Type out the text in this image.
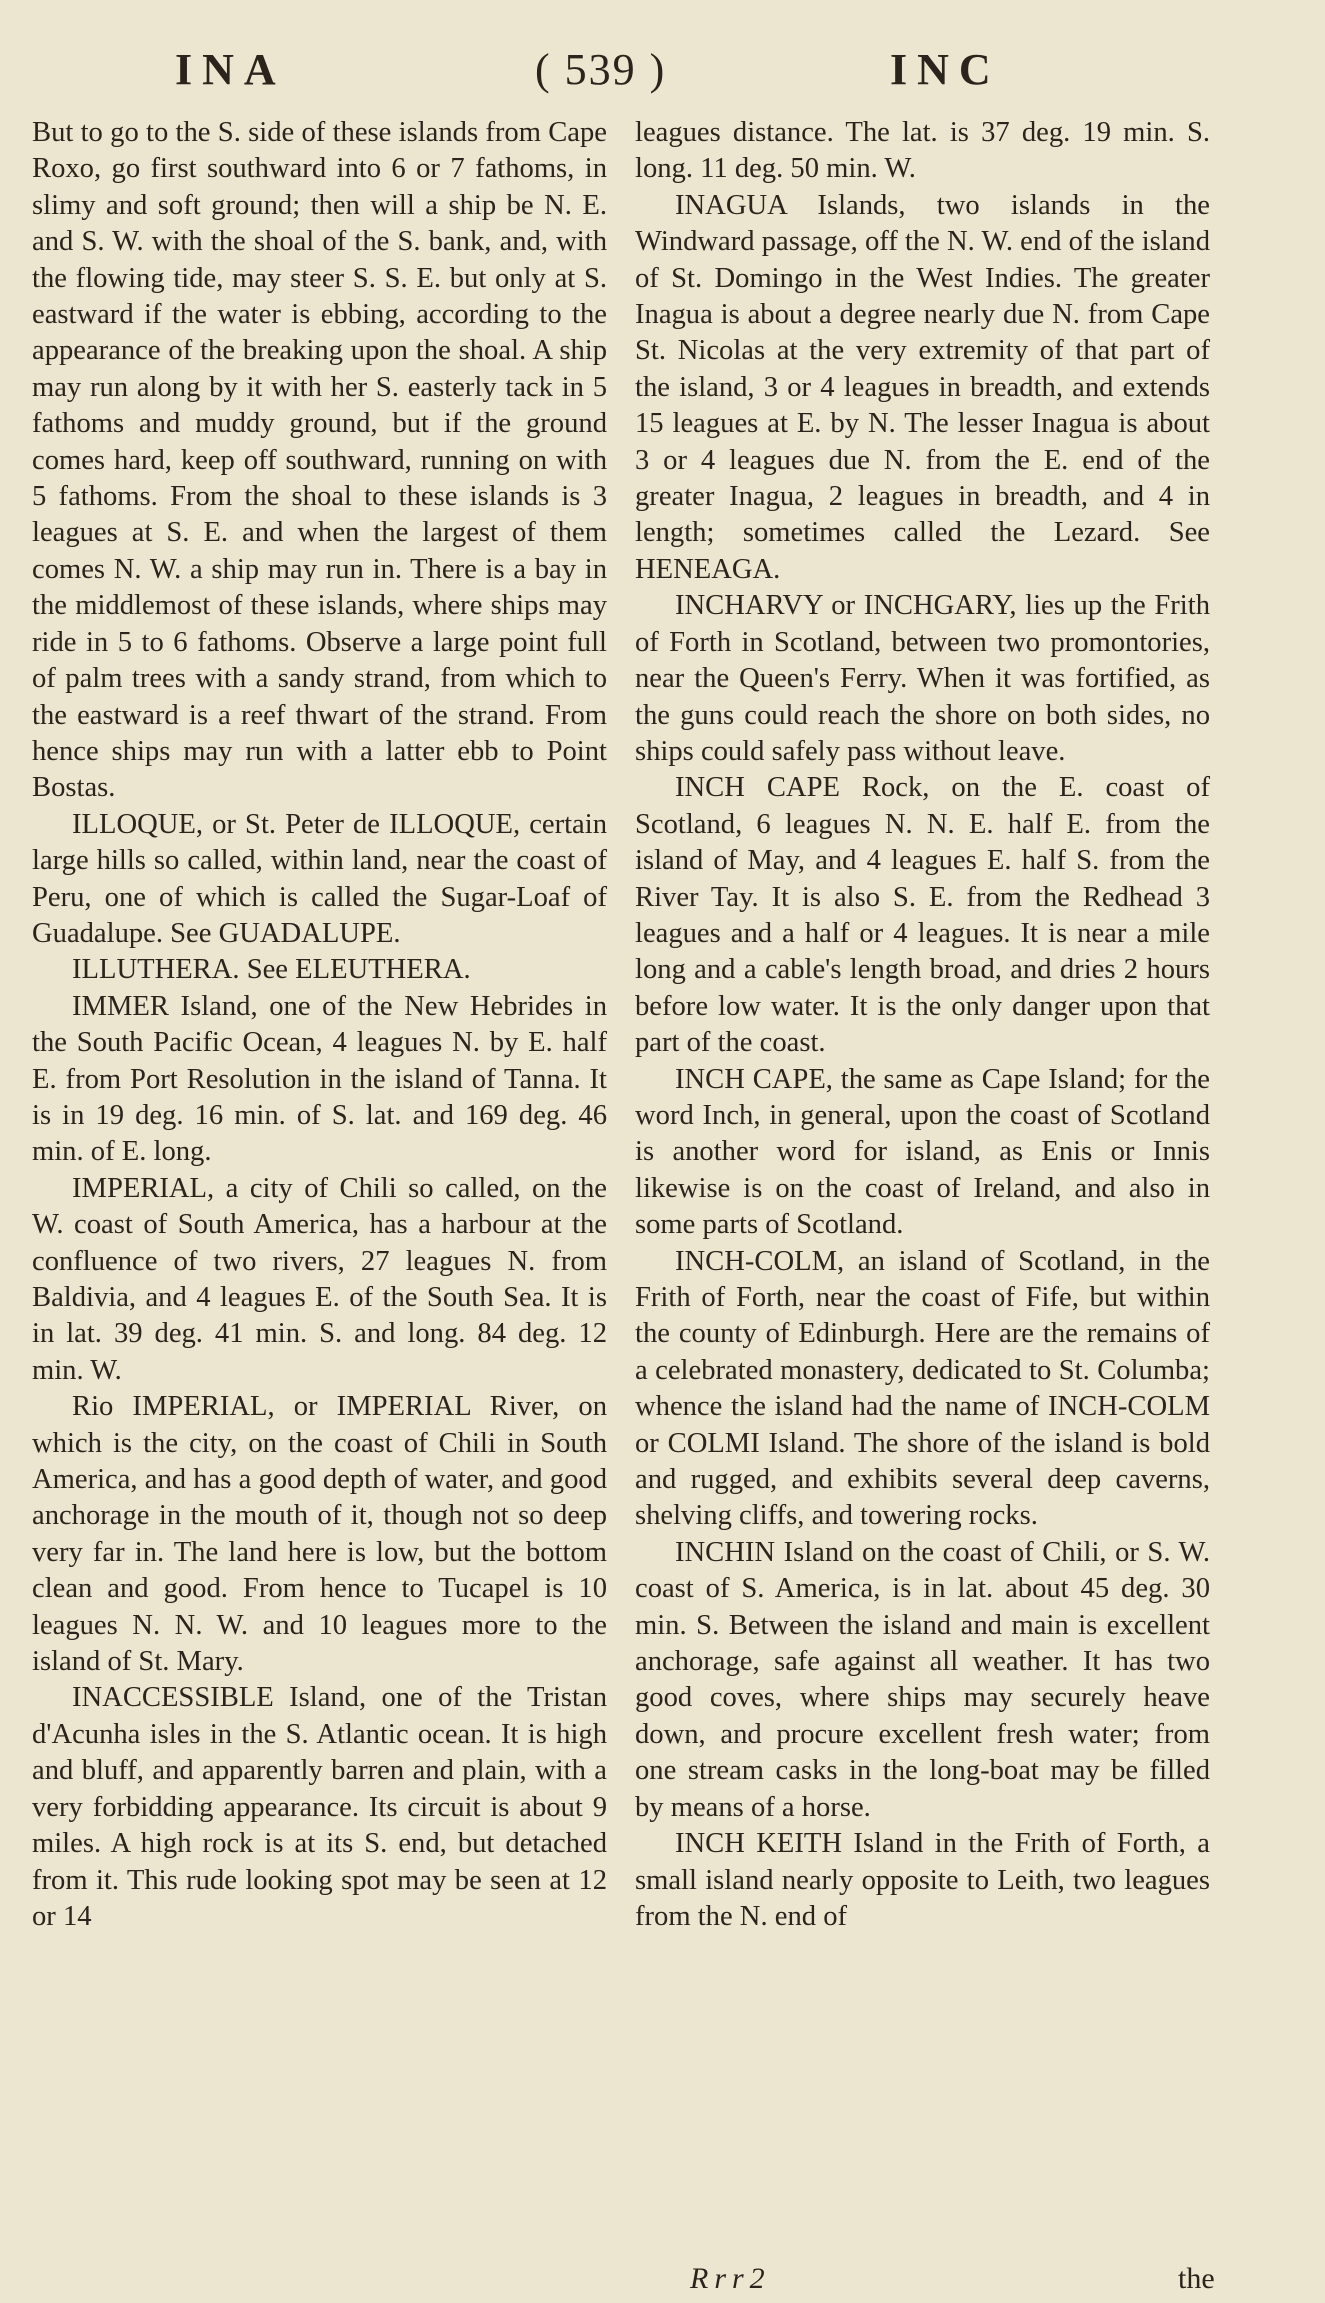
INA	( 539 )	INC

But to go to the S. side of these islands from Cape Roxo, go first southward into 6 or 7 fathoms, in slimy and soft ground; then will a ship be N. E. and S. W. with the shoal of the S. bank, and, with the flowing tide, may steer S. S. E. but only at S. eastward if the water is ebbing, according to the appearance of the breaking upon the shoal. A ship may run along by it with her S. easterly tack in 5 fathoms and muddy ground, but if the ground comes hard, keep off southward, running on with 5 fathoms. From the shoal to these islands is 3 leagues at S. E. and when the largest of them comes N. W. a ship may run in. There is a bay in the middlemost of these islands, where ships may ride in 5 to 6 fathoms. Observe a large point full of palm trees with a sandy strand, from which to the eastward is a reef thwart of the strand. From hence ships may run with a latter ebb to Point Bostas.

ILLOQUE, or St. Peter de ILLOQUE, certain large hills so called, within land, near the coast of Peru, one of which is called the Sugar-Loaf of Guadalupe. See GUADALUPE.

ILLUTHERA. See ELEUTHERA.

IMMER Island, one of the New Hebrides in the South Pacific Ocean, 4 leagues N. by E. half E. from Port Resolution in the island of Tanna. It is in 19 deg. 16 min. of S. lat. and 169 deg. 46 min. of E. long.

IMPERIAL, a city of Chili so called, on the W. coast of South America, has a harbour at the confluence of two rivers, 27 leagues N. from Baldivia, and 4 leagues E. of the South Sea. It is in lat. 39 deg. 41 min. S. and long. 84 deg. 12 min. W.

Rio IMPERIAL, or IMPERIAL River, on which is the city, on the coast of Chili in South America, and has a good depth of water, and good anchorage in the mouth of it, though not so deep very far in. The land here is low, but the bottom clean and good. From hence to Tucapel is 10 leagues N. N. W. and 10 leagues more to the island of St. Mary.

INACCESSIBLE Island, one of the Tristan d'Acunha isles in the S. Atlantic ocean. It is high and bluff, and apparently barren and plain, with a very forbidding appearance. Its circuit is about 9 miles. A high rock is at its S. end, but detached from it. This rude looking spot may be seen at 12 or 14

leagues distance. The lat. is 37 deg. 19 min. S. long. 11 deg. 50 min. W.

INAGUA Islands, two islands in the Windward passage, off the N. W. end of the island of St. Domingo in the West Indies. The greater Inagua is about a degree nearly due N. from Cape St. Nicolas at the very extremity of that part of the island, 3 or 4 leagues in breadth, and extends 15 leagues at E. by N. The lesser Inagua is about 3 or 4 leagues due N. from the E. end of the greater Inagua, 2 leagues in breadth, and 4 in length; sometimes called the Lezard. See HENEAGA.

INCHARVY or INCHGARY, lies up the Frith of Forth in Scotland, between two promontories, near the Queen's Ferry. When it was fortified, as the guns could reach the shore on both sides, no ships could safely pass without leave.

INCH CAPE Rock, on the E. coast of Scotland, 6 leagues N. N. E. half E. from the island of May, and 4 leagues E. half S. from the River Tay. It is also S. E. from the Redhead 3 leagues and a half or 4 leagues. It is near a mile long and a cable's length broad, and dries 2 hours before low water. It is the only danger upon that part of the coast.

INCH CAPE, the same as Cape Island; for the word Inch, in general, upon the coast of Scotland is another word for island, as Enis or Innis likewise is on the coast of Ireland, and also in some parts of Scotland.

INCH-COLM, an island of Scotland, in the Frith of Forth, near the coast of Fife, but within the county of Edinburgh. Here are the remains of a celebrated monastery, dedicated to St. Columba; whence the island had the name of INCH-COLM or COLMI Island. The shore of the island is bold and rugged, and exhibits several deep caverns, shelving cliffs, and towering rocks.

INCHIN Island on the coast of Chili, or S. W. coast of S. America, is in lat. about 45 deg. 30 min. S. Between the island and main is excellent anchorage, safe against all weather. It has two good coves, where ships may securely heave down, and procure excellent fresh water; from one stream casks in the long-boat may be filled by means of a horse.

INCH KEITH Island in the Frith of Forth, a small island nearly opposite to Leith, two leagues from the N. end of

Rrr2	the
